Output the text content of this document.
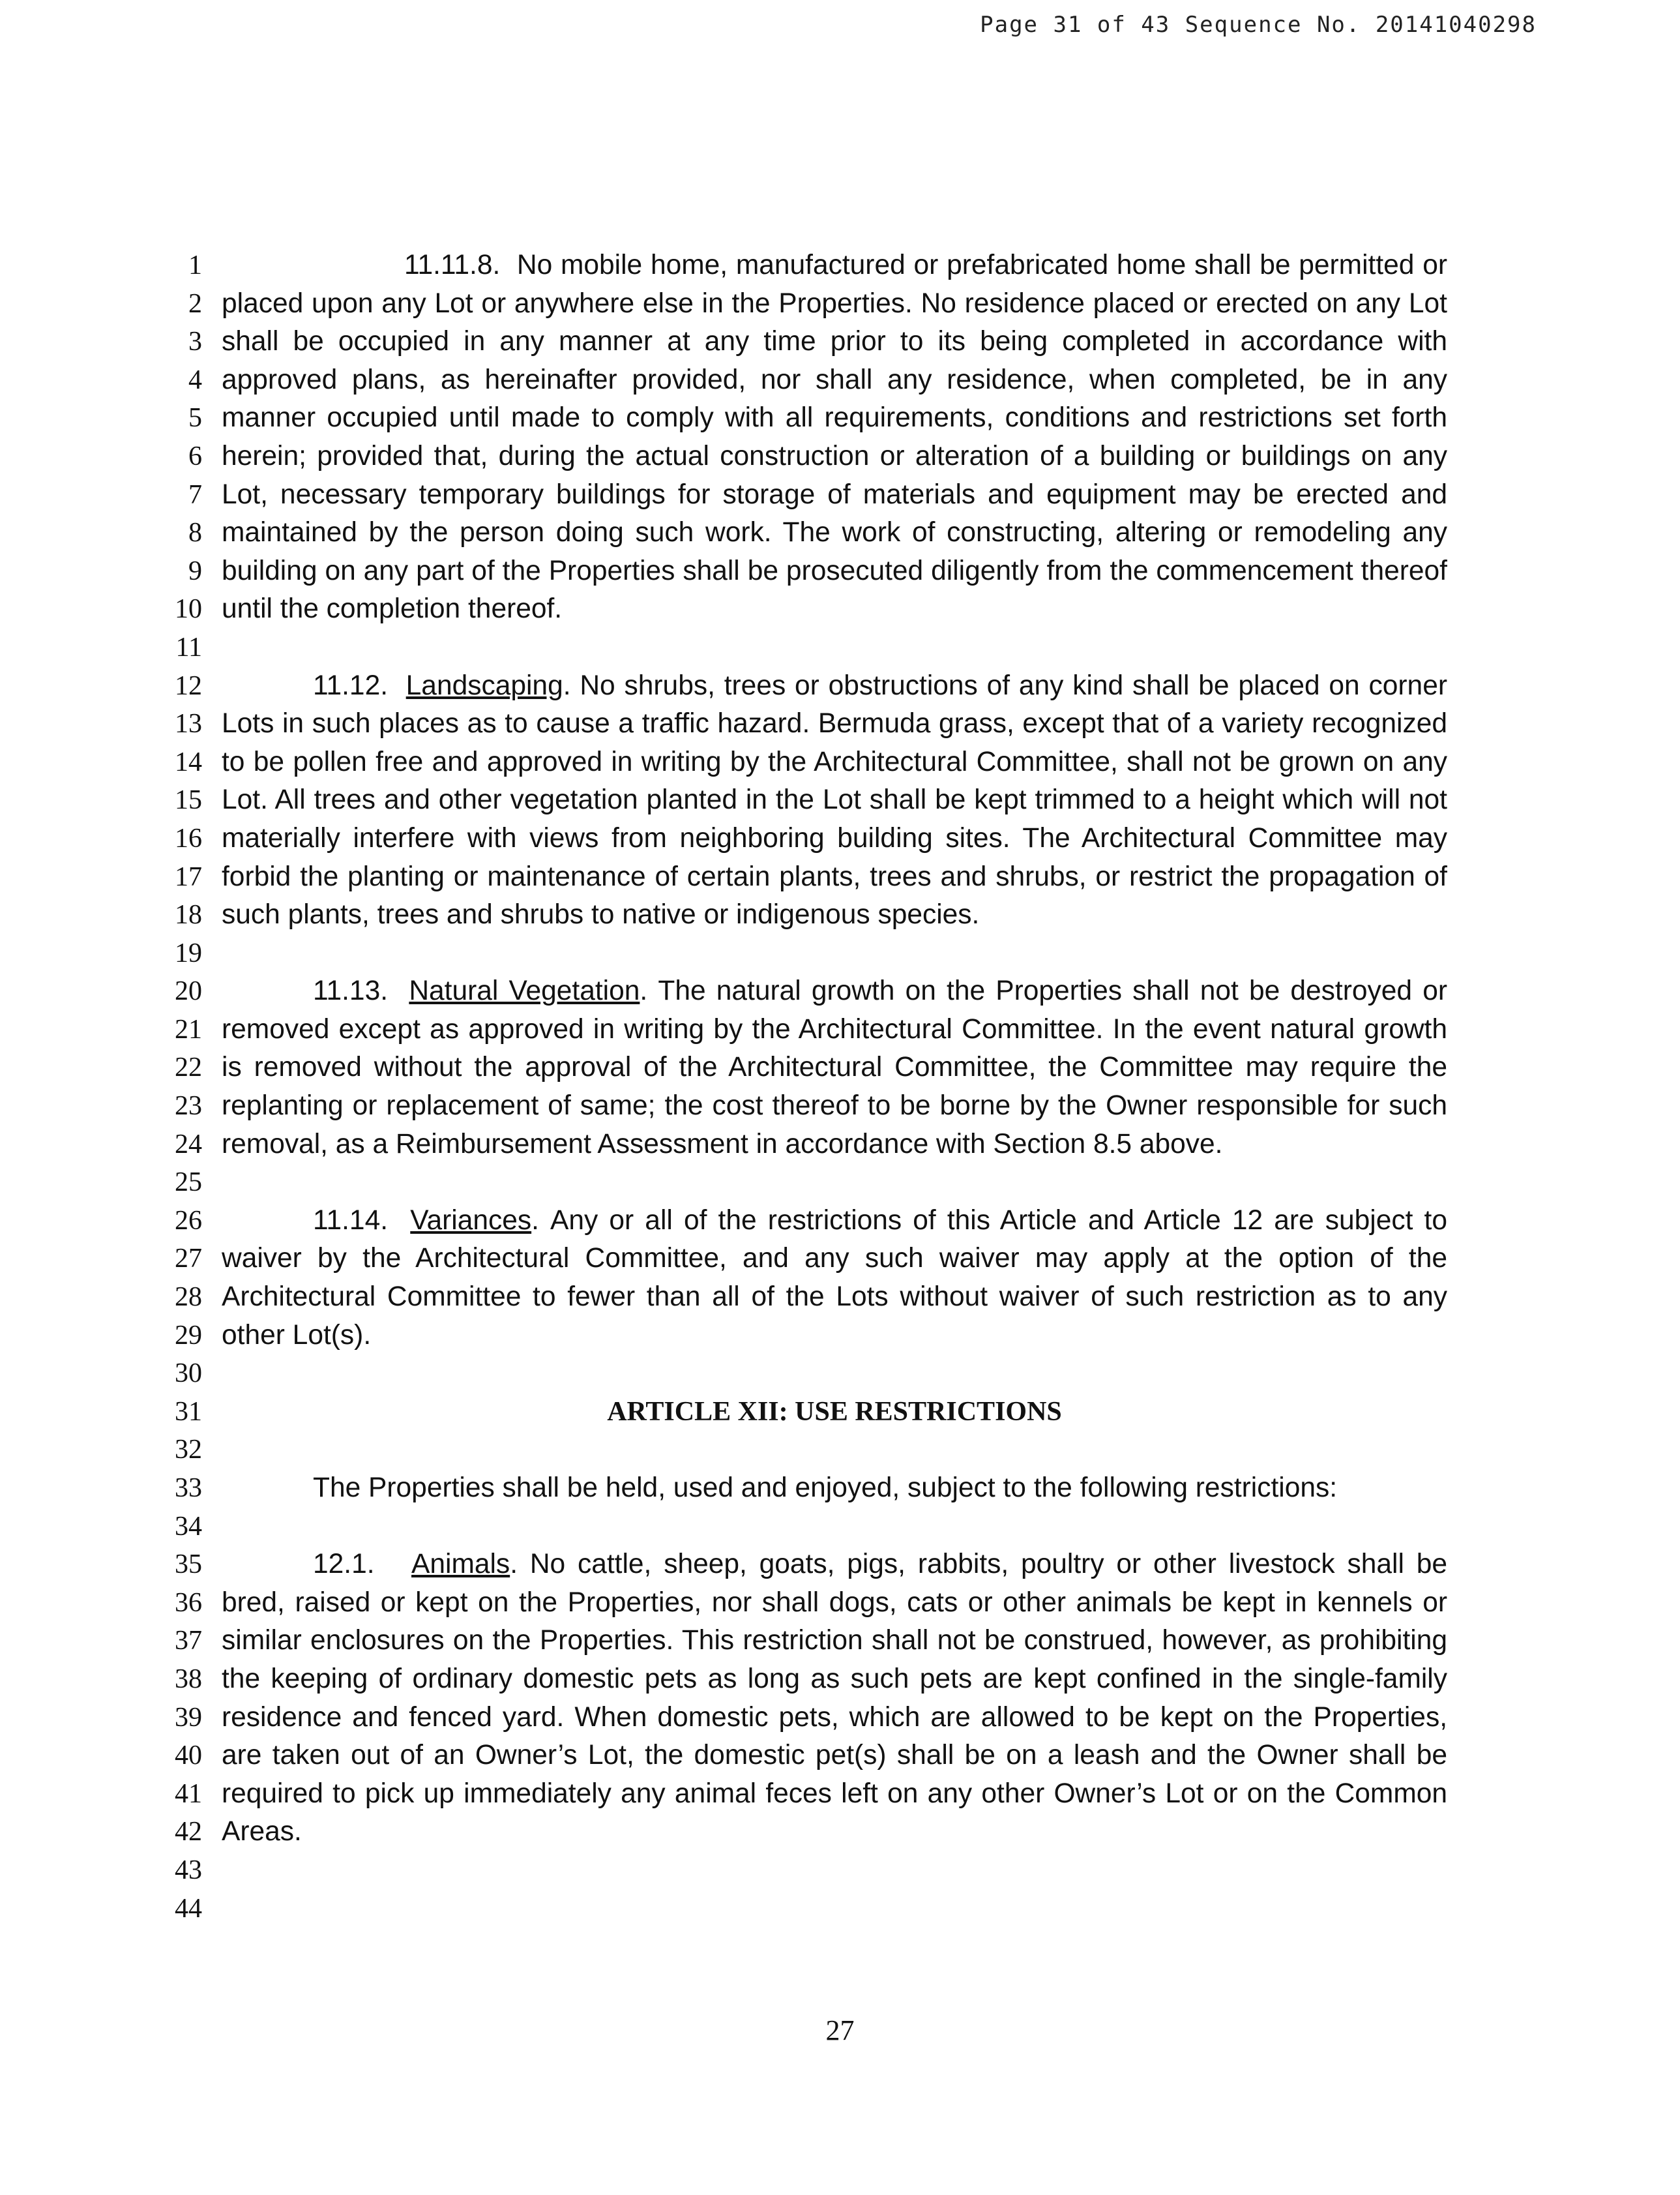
Page 31 of 43 Sequence No. 20141040298
1
2
3
4
5
6
7
8
9
10
11
12
13
14
15
16
17
18
19
20
21
22
23
24
25
26
27
28
29
30
31
32
33
34
35
36
37
38
39
40
41
42
43
44

11.11.8. No mobile home, manufactured or prefabricated home shall be permitted or placed upon any Lot or anywhere else in the Properties. No residence placed or erected on any Lot shall be occupied in any manner at any time prior to its being completed in accordance with approved plans, as hereinafter provided, nor shall any residence, when completed, be in any manner occupied until made to comply with all requirements, conditions and restrictions set forth herein; provided that, during the actual construction or alteration of a building or buildings on any Lot, necessary temporary buildings for storage of materials and equipment may be erected and maintained by the person doing such work. The work of constructing, altering or remodeling any building on any part of the Properties shall be prosecuted diligently from the commencement thereof until the completion thereof.

11.12. Landscaping. No shrubs, trees or obstructions of any kind shall be placed on corner Lots in such places as to cause a traffic hazard. Bermuda grass, except that of a variety recognized to be pollen free and approved in writing by the Architectural Committee, shall not be grown on any Lot. All trees and other vegetation planted in the Lot shall be kept trimmed to a height which will not materially interfere with views from neighboring building sites. The Architectural Committee may forbid the planting or maintenance of certain plants, trees and shrubs, or restrict the propagation of such plants, trees and shrubs to native or indigenous species.

11.13. Natural Vegetation. The natural growth on the Properties shall not be destroyed or removed except as approved in writing by the Architectural Committee. In the event natural growth is removed without the approval of the Architectural Committee, the Committee may require the replanting or replacement of same; the cost thereof to be borne by the Owner responsible for such removal, as a Reimbursement Assessment in accordance with Section 8.5 above.

11.14. Variances. Any or all of the restrictions of this Article and Article 12 are subject to waiver by the Architectural Committee, and any such waiver may apply at the option of the Architectural Committee to fewer than all of the Lots without waiver of such restriction as to any other Lot(s).

ARTICLE XII: USE RESTRICTIONS

The Properties shall be held, used and enjoyed, subject to the following restrictions:

12.1. Animals. No cattle, sheep, goats, pigs, rabbits, poultry or other livestock shall be bred, raised or kept on the Properties, nor shall dogs, cats or other animals be kept in kennels or similar enclosures on the Properties. This restriction shall not be construed, however, as prohibiting the keeping of ordinary domestic pets as long as such pets are kept confined in the single-family residence and fenced yard. When domestic pets, which are allowed to be kept on the Properties, are taken out of an Owner’s Lot, the domestic pet(s) shall be on a leash and the Owner shall be required to pick up immediately any animal feces left on any other Owner’s Lot or on the Common Areas.

27
